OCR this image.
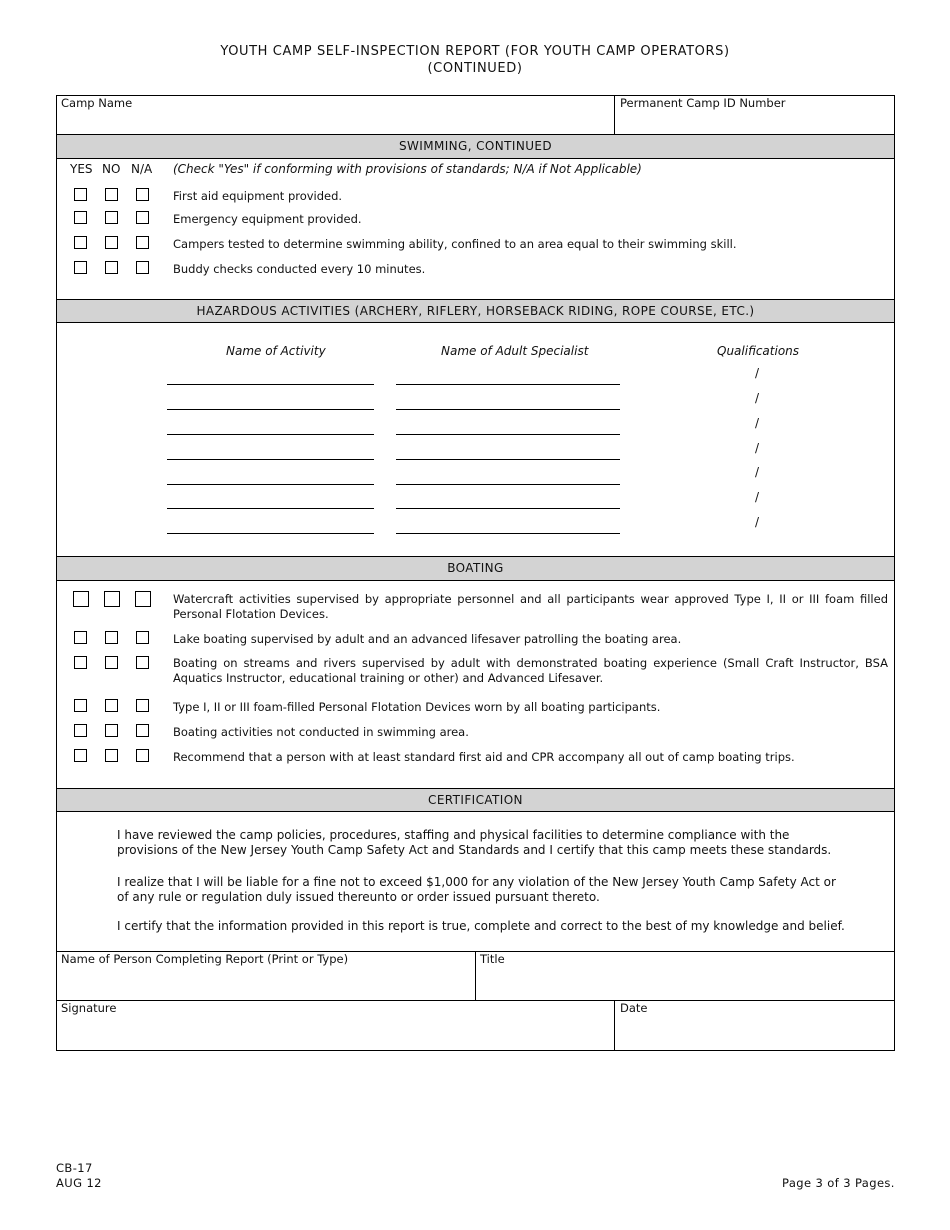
YOUTH CAMP SELF-INSPECTION REPORT (FOR YOUTH CAMP OPERATORS)
(CONTINUED)
Camp Name	Permanent Camp ID Number
SWIMMING, CONTINUED
YES NO N/A (Check "Yes" if conforming with provisions of standards; N/A if Not Applicable)
First aid equipment provided.
Emergency equipment provided.
Campers tested to determine swimming ability, confined to an area equal to their swimming skill.
Buddy checks conducted every 10 minutes.
HAZARDOUS ACTIVITIES (ARCHERY, RIFLERY, HORSEBACK RIDING, ROPE COURSE, ETC.)
Name of Activity	Name of Adult Specialist	Qualifications
/
/
/
/
/
/
/
BOATING
Watercraft activities supervised by appropriate personnel and all participants wear approved Type I, II or III foam filled Personal Flotation Devices.
Lake boating supervised by adult and an advanced lifesaver patrolling the boating area.
Boating on streams and rivers supervised by adult with demonstrated boating experience (Small Craft Instructor, BSA Aquatics Instructor, educational training or other) and Advanced Lifesaver.
Type I, II or III foam-filled Personal Flotation Devices worn by all boating participants.
Boating activities not conducted in swimming area.
Recommend that a person with at least standard first aid and CPR accompany all out of camp boating trips.
CERTIFICATION
I have reviewed the camp policies, procedures, staffing and physical facilities to determine compliance with the provisions of the New Jersey Youth Camp Safety Act and Standards and I certify that this camp meets these standards.
I realize that I will be liable for a fine not to exceed $1,000 for any violation of the New Jersey Youth Camp Safety Act or of any rule or regulation duly issued thereunto or order issued pursuant thereto.
I certify that the information provided in this report is true, complete and correct to the best of my knowledge and belief.
Name of Person Completing Report (Print or Type)	Title
Signature	Date
CB-17
AUG 12	Page 3 of 3 Pages.
